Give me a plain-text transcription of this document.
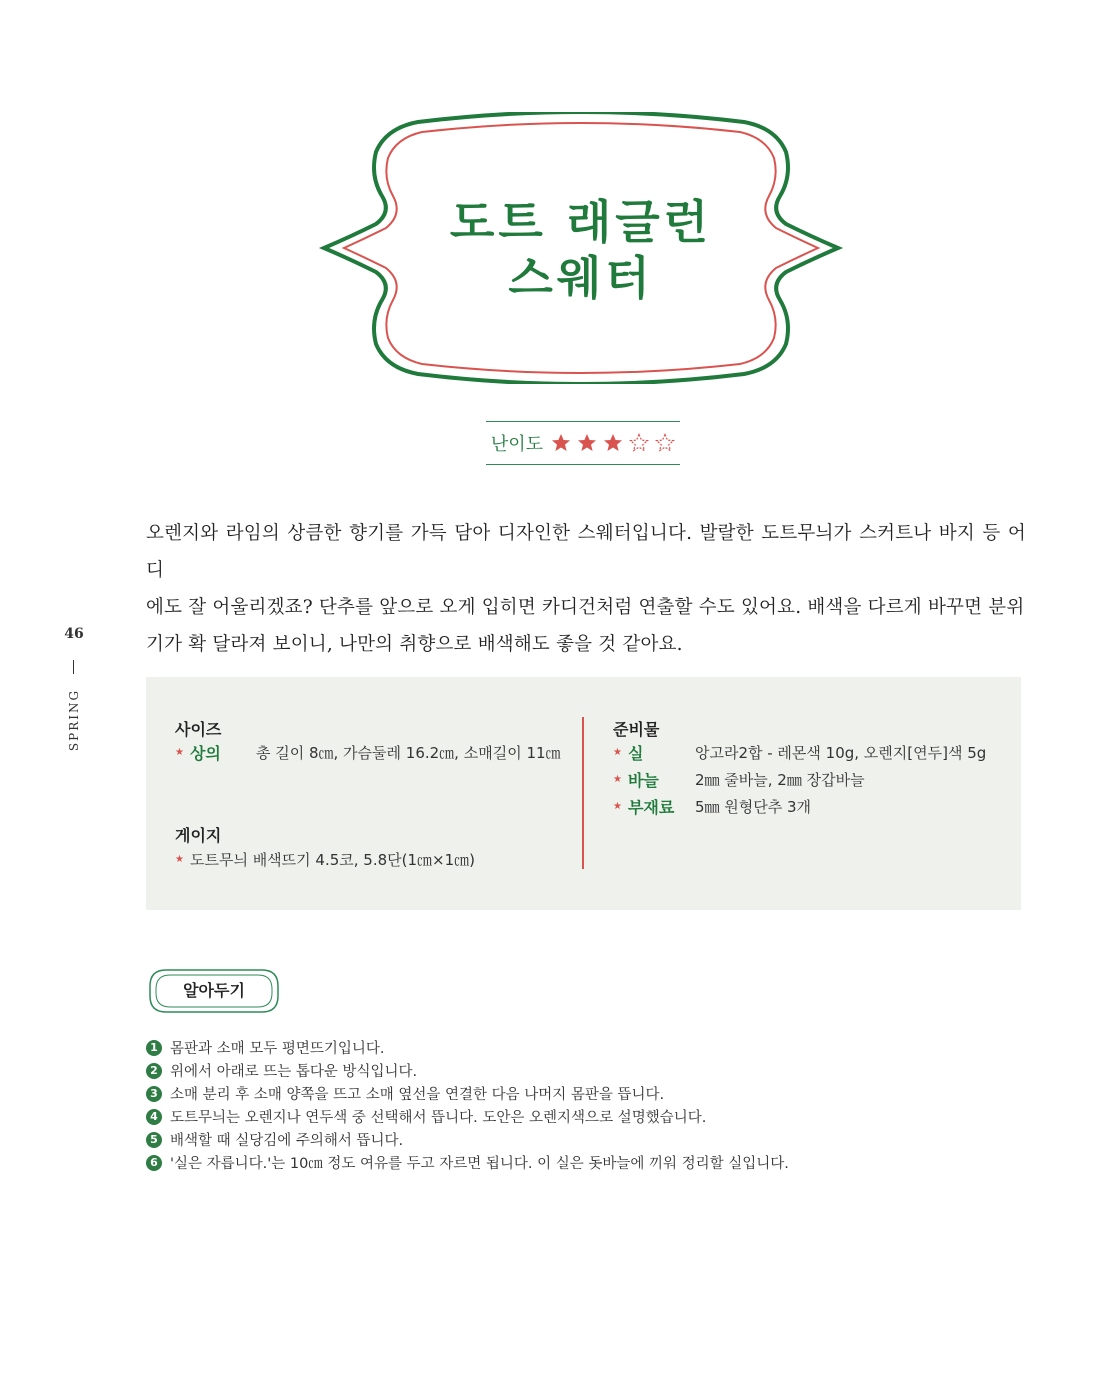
도트 래글런
스웨터
난이도

오렌지와 라임의 상큼한 향기를 가득 담아 디자인한 스웨터입니다. 발랄한 도트무늬가 스커트나 바지 등 어디

에도 잘 어울리겠죠? 단추를 앞으로 오게 입히면 카디건처럼 연출할 수도 있어요. 배색을 다르게 바꾸면 분위

기가 확 달라져 보이니, 나만의 취향으로 배색해도 좋을 것 같아요.

46
SPRING	사이즈
★ 상의	총 길이 8㎝, 가슴둘레 16.2㎝, 소매길이 11㎝
게이지
★ 도트무늬 배색뜨기 4.5코, 5.8단(1㎝×1㎝)
준비물
★ 실	앙고라2합 - 레몬색 10g, 오렌지[연두]색 5g
★ 바늘	2㎜ 줄바늘, 2㎜ 장갑바늘
★ 부재료	5㎜ 원형단추 3개
알아두기
1 몸판과 소매 모두 평면뜨기입니다.
2 위에서 아래로 뜨는 톱다운 방식입니다.
3 소매 분리 후 소매 양쪽을 뜨고 소매 옆선을 연결한 다음 나머지 몸판을 뜹니다.
4 도트무늬는 오렌지나 연두색 중 선택해서 뜹니다. 도안은 오렌지색으로 설명했습니다.
5 배색할 때 실당김에 주의해서 뜹니다.
6 '실은 자릅니다.'는 10㎝ 정도 여유를 두고 자르면 됩니다. 이 실은 돗바늘에 끼워 정리할 실입니다.
